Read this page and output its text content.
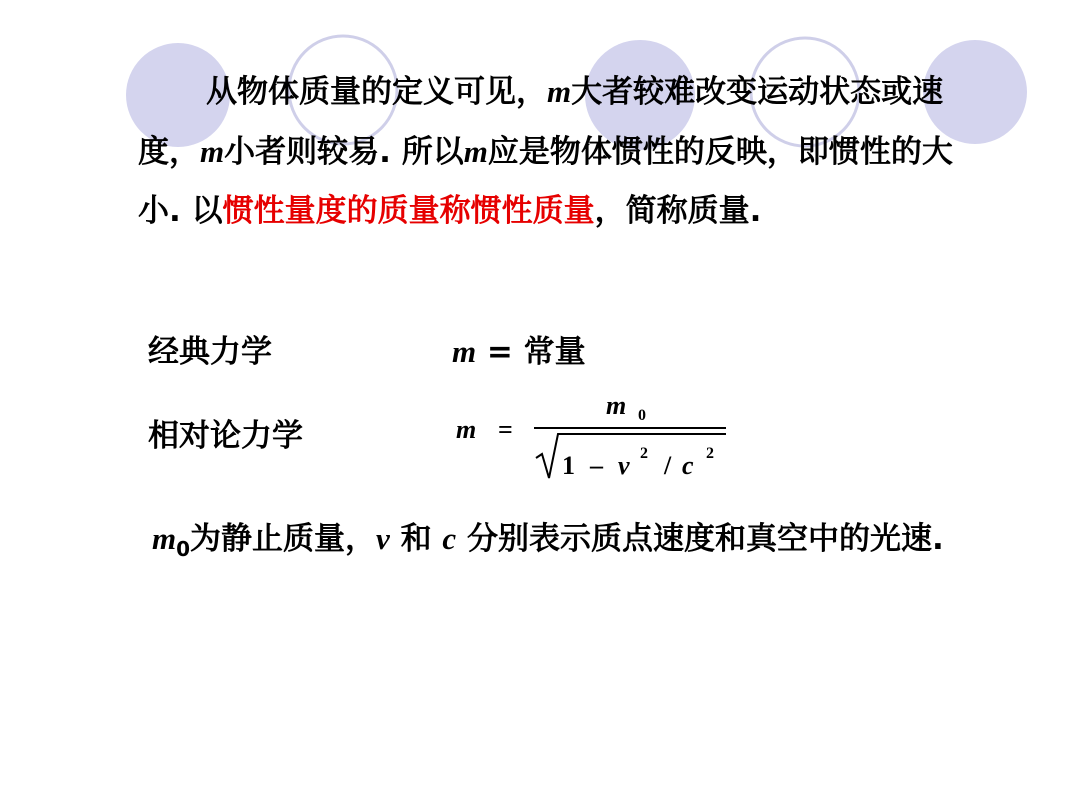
从物体质量的定义可见，m大者较难改变运动状态或速度，m小者则较易. 所以m应是物体惯性的反映，即惯性的大小. 以惯性量度的质量称惯性质量，简称质量.

经典力学	m = 常量

相对论力学	m =
m 0
1 – v 2 / c 2

$m_0$为静止质量，v 和 c 分别表示质点速度和真空中的光速.
